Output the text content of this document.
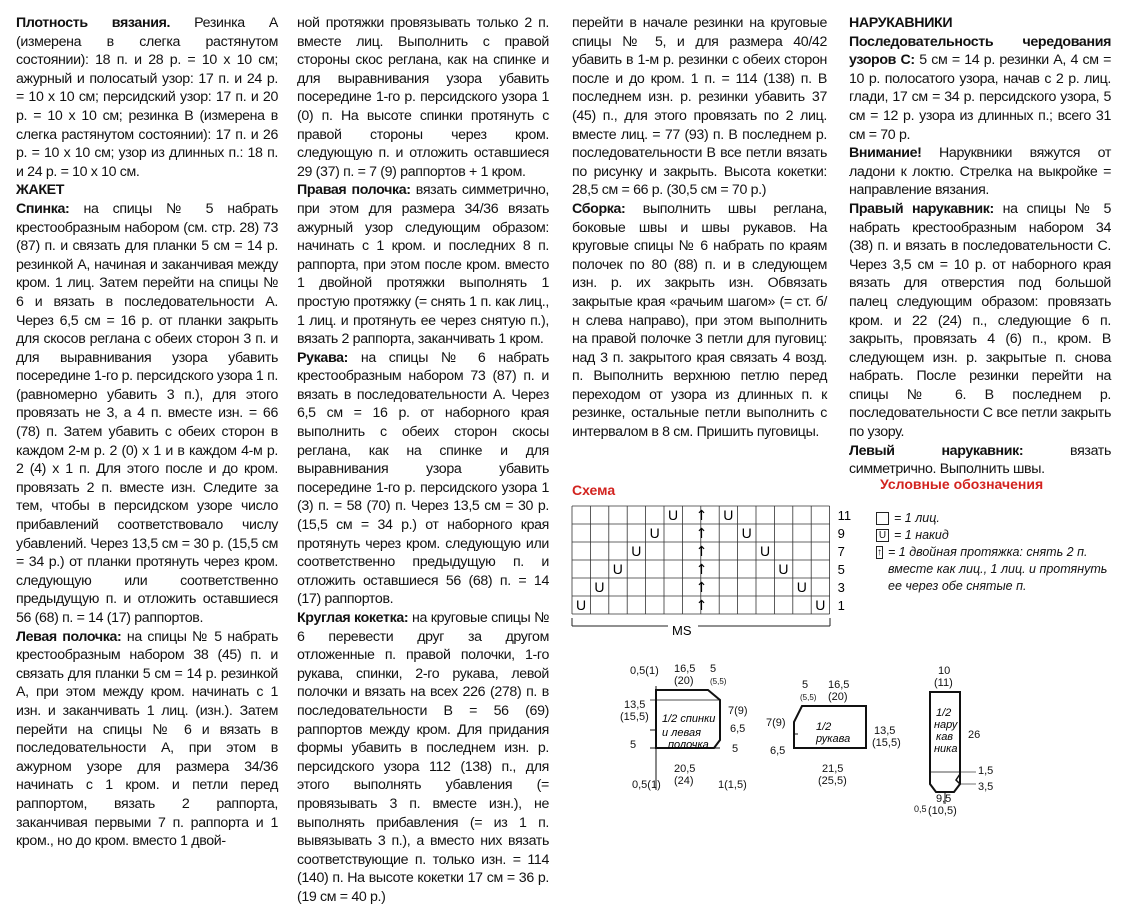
Плотность вязания. Резинка А (измерена в слегка растянутом состоянии): 18 п. и 28 р. = 10 х 10 см; ажурный и полосатый узор: 17 п. и 24 р. = 10 х 10 см; персидский узор: 17 п. и 20 р. = 10 х 10 см; резинка В (измерена в слегка растянутом состоянии): 17 п. и 26 р. = 10 х 10 см; узор из длинных п.: 18 п. и 24 р. = 10 х 10 см.

ЖАКЕТ

Спинка: на спицы № 5 набрать крестообразным набором (см. стр. 28) 73 (87) п. и связать для планки 5 см = 14 р. резинкой А, начиная и заканчивая между кром. 1 лиц. Затем перейти на спицы № 6 и вязать в последовательности А. Через 6,5 см = 16 р. от планки закрыть для скосов реглана с обеих сторон 3 п. и для выравнивания узора убавить посередине 1-го р. персидского узора 1 п. (равномерно убавить 3 п.), для этого провязать не 3, а 4 п. вместе изн. = 66 (78) п. Затем убавить с обеих сторон в каждом 2-м р. 2 (0) х 1 и в каждом 4-м р. 2 (4) х 1 п. Для этого после и до кром. провязать 2 п. вместе изн. Следите за тем, чтобы в персидском узоре число прибавлений соответствовало числу убавлений. Через 13,5 см = 30 р. (15,5 см = 34 р.) от планки протянуть через кром. следующую или соответственно предыдущую п. и отложить оставшиеся 56 (68) п. = 14 (17) раппортов.

Левая полочка: на спицы № 5 набрать крестообразным набором 38 (45) п. и связать для планки 5 см = 14 р. резинкой А, при этом между кром. начинать с 1 изн. и заканчивать 1 лиц. (изн.). Затем перейти на спицы № 6 и вязать в последовательности А, при этом в ажурном узоре для размера 34/36 начинать с 1 кром. и петли перед раппортом, вязать 2 раппорта, заканчивая первыми 7 п. раппорта и 1 кром., но до кром. вместо 1 двой-

ной протяжки провязывать только 2 п. вместе лиц. Выполнить с правой стороны скос реглана, как на спинке и для выравнивания узора убавить посередине 1-го р. персидского узора 1 (0) п. На высоте спинки протянуть с правой стороны через кром. следующую п. и отложить оставшиеся 29 (37) п. = 7 (9) раппортов + 1 кром.

Правая полочка: вязать симметрично, при этом для размера 34/36 вязать ажурный узор следующим образом: начинать с 1 кром. и последних 8 п. раппорта, при этом после кром. вместо 1 двойной протяжки выполнять 1 простую протяжку (= снять 1 п. как лиц., 1 лиц. и протянуть ее через снятую п.), вязать 2 раппорта, заканчивать 1 кром.

Рукава: на спицы № 6 набрать крестообразным набором 73 (87) п. и вязать в последовательности А. Через 6,5 см = 16 р. от наборного края выполнить с обеих сторон скосы реглана, как на спинке и для выравнивания узора убавить посередине 1-го р. персидского узора 1 (3) п. = 58 (70) п. Через 13,5 см = 30 р. (15,5 см = 34 р.) от наборного края протянуть через кром. следующую или соответственно предыдущую п. и отложить оставшиеся 56 (68) п. = 14 (17) раппортов.

Круглая кокетка: на круговые спицы № 6 перевести друг за другом отложенные п. правой полочки, 1-го рукава, спинки, 2-го рукава, левой полочки и вязать на всех 226 (278) п. в последовательности В = 56 (69) раппортов между кром. Для придания формы убавить в последнем изн. р. персидского узора 112 (138) п., для этого выполнять убавления (= провязывать 3 п. вместе изн.), не выполнять прибавления (= из 1 п. вывязывать 3 п.), а вместо них вязать соответствующие п. только изн. = 114 (140) п. На высоте кокетки 17 см = 36 р. (19 см = 40 р.)

перейти в начале резинки на круговые спицы № 5, и для размера 40/42 убавить в 1-м р. резинки с обеих сторон после и до кром. 1 п. = 114 (138) п. В последнем изн. р. резинки убавить 37 (45) п., для этого провязать по 2 лиц. вместе лиц. = 77 (93) п. В последнем р. последовательности В все петли вязать по рисунку и закрыть. Высота кокетки: 28,5 см = 66 р. (30,5 см = 70 р.)

Сборка: выполнить швы реглана, боковые швы и швы рукавов. На круговые спицы № 6 набрать по краям полочек по 80 (88) п. и в следующем изн. р. их закрыть изн. Обвязать закрытые края «рачьим шагом» (= ст. б/н слева направо), при этом выполнить на правой полочке 3 петли для пуговиц: над 3 п. закрытого края связать 4 возд. п. Выполнить верхнюю петлю перед переходом от узора из длинных п. к резинке, остальные петли выполнить с интервалом в 8 см. Пришить пуговицы.

НАРУКАВНИКИ

Последовательность чередования узоров С: 5 см = 14 р. резинки А, 4 см = 10 р. полосатого узора, начав с 2 р. лиц. глади, 17 см = 34 р. персидского узора, 5 см = 12 р. узора из длинных п.; всего 31 см = 70 р.

Внимание! Наруквники вяжутся от ладони к локтю. Стрелка на выкройке = направление вязания.

Правый нарукавник: на спицы № 5 набрать крестообразным набором 34 (38) п. и вязать в последовательности С. Через 3,5 см = 10 р. от наборного края вязать для отверстия под большой палец следующим образом: провязать кром. и 22 (24) п., следующие 6 п. закрыть, провязать 4 (6) п., кром. В следующем изн. р. закрытые п. снова набрать. После резинки перейти на спицы № 6. В последнем р. последовательности С все петли закрыть по узору.

Левый нарукавник: вязать симметрично. Выполнить швы.

Схема	Условные обозначения
U	U
↑
U	U
↑
U	U
↑
U	U
↑
U	U
↑
U	U
↑
11
9
7
5
3
1
MS
= 1 лиц.
U = 1 накид
↑ = 1 двойная протяжка: снять 2 п. вместе как лиц., 1 лиц. и протянуть ее через обе снятые п.
0,5(1) 16,5
(20)
5
(5,5)
13,5
(15,5)
5
7(9)
6,5
5
20,5
(24)
0,5(1)	1(1,5)
1/2 спинки
и левая
полочка
5
(5,5)
16,5
(20)
7(9)
6,5
13,5
(15,5)
21,5
(25,5)
1/2
рукава
10
(11)
26
1,5
3,5
9,5
(10,5)
0,5
1/2
нару
кав
ника
